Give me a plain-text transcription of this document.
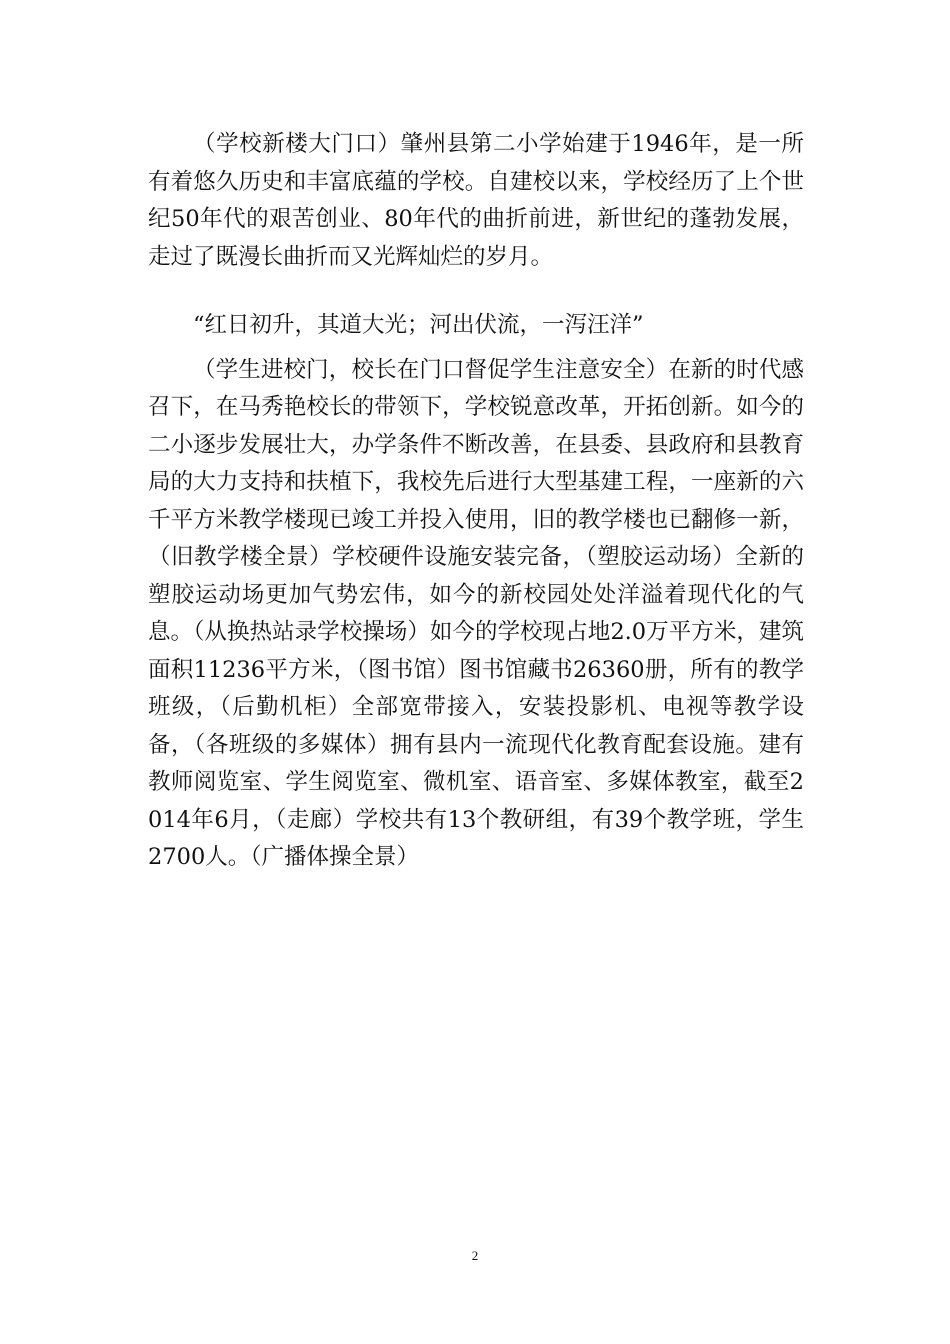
（学校新楼大门口）肇州县第二小学始建于1946年，是一所有着悠久历史和丰富底蕴的学校。自建校以来，学校经历了上个世纪50年代的艰苦创业、80年代的曲折前进，新世纪的蓬勃发展，走过了既漫长曲折而又光辉灿烂的岁月。

“红日初升，其道大光；河出伏流，一泻汪洋”

（学生进校门，校长在门口督促学生注意安全）在新的时代感召下，在马秀艳校长的带领下，学校锐意改革，开拓创新。如今的二小逐步发展壮大，办学条件不断改善，在县委、县政府和县教育局的大力支持和扶植下，我校先后进行大型基建工程，一座新的六千平方米教学楼现已竣工并投入使用，旧的教学楼也已翻修一新，（旧教学楼全景）学校硬件设施安装完备，（塑胶运动场）全新的塑胶运动场更加气势宏伟，如今的新校园处处洋溢着现代化的气息。（从换热站录学校操场）如今的学校现占地2.0万平方米，建筑面积11236平方米，（图书馆）图书馆藏书26360册，所有的教学班级，（后勤机柜）全部宽带接入，安装投影机、电视等教学设备，（各班级的多媒体）拥有县内一流现代化教育配套设施。建有教师阅览室、学生阅览室、微机室、语音室、多媒体教室，截至2014年6月，（走廊）学校共有13个教研组，有39个教学班，学生2700人。（广播体操全景）

2
